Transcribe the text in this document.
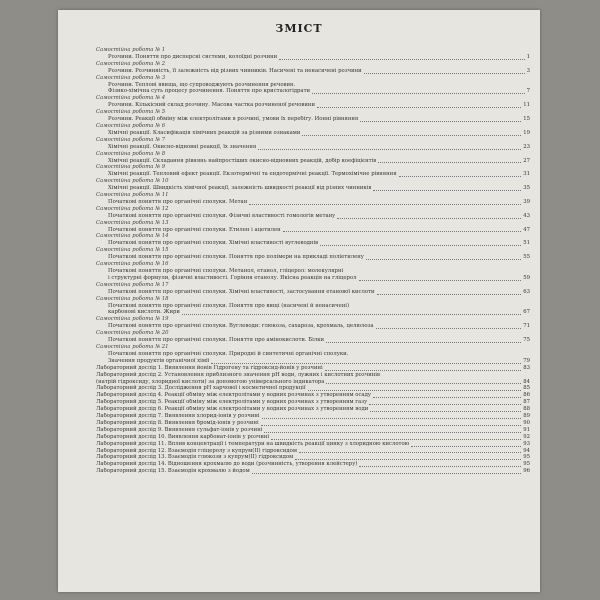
ЗМІСТ
Самостійна робота № 1
Розчини. Поняття про дисперсні системи, колоїдні розчини	1
Самостійна робота № 2
Розчини. Розчинність, її залежність від різних чинників. Насичені та ненасичені розчини	3
Самостійна робота № 3
Розчини. Теплові явища, що супроводжують розчинення речовин.
Фізико-хімічна суть процесу розчинення. Поняття про кристалогідрати	7
Самостійна робота № 4
Розчини. Кількісний склад розчину. Масова частка розчиненої речовини	11
Самостійна робота № 5
Розчини. Реакції обміну між електролітами в розчині, умови їх перебігу. Йонні рівняння	15
Самостійна робота № 6
Хімічні реакції. Класифікація хімічних реакцій за різними ознаками	19
Самостійна робота № 7
Хімічні реакції. Окисно-відновні реакції, їх значення	23
Самостійна робота № 8
Хімічні реакції. Складання рівнянь найпростіших окисно-відновних реакцій, добір коефіцієнтів	27
Самостійна робота № 9
Хімічні реакції. Тепловий ефект реакції. Екзотермічні та ендотермічні реакції. Термохімічне рівняння	31
Самостійна робота № 10
Хімічні реакції. Швидкість хімічної реакції, залежність швидкості реакції від різних чинників	35
Самостійна робота № 11
Початкові поняття про органічні сполуки. Метан	39
Самостійна робота № 12
Початкові поняття про органічні сполуки. Фізичні властивості гомологів метану	43
Самостійна робота № 13
Початкові поняття про органічні сполуки. Етилен і ацетилен	47
Самостійна робота № 14
Початкові поняття про органічні сполуки. Хімічні властивості вуглеводнів	51
Самостійна робота № 15
Початкові поняття про органічні сполуки. Поняття про полімери на прикладі поліетилену	55
Самостійна робота № 16
Початкові поняття про органічні сполуки. Метанол, етанол, гліцерол: молекулярні
і структурні формули, фізичні властивості. Горіння етанолу. Якісна реакція на гліцерол	59
Самостійна робота № 17
Початкові поняття про органічні сполуки. Хімічні властивості, застосування етанової кислоти	63
Самостійна робота № 18
Початкові поняття про органічні сполуки. Поняття про вищі (насичені й ненасичені)
карбонові кислоти. Жири	67
Самостійна робота № 19
Початкові поняття про органічні сполуки. Вуглеводи: глюкоза, сахароза, крохмаль, целюлоза	71
Самостійна робота № 20
Початкові поняття про органічні сполуки. Поняття про амінокислоти. Білки	75
Самостійна робота № 21
Початкові поняття про органічні сполуки. Природні й синтетичні органічні сполуки.
Значення продуктів органічної хімії	79
Лабораторний дослід 1. Виявлення йонів Гідрогену та гідроксид-йонів у розчині	83
Лабораторний дослід 2. Установлення приблизного значення pH води, лужних і кислотних розчинів
(натрій гідроксиду, хлоридної кислоти) за допомогою універсального індикатора	84
Лабораторний дослід 3. Дослідження pH харчової і косметичної продукції	85
Лабораторний дослід 4. Реакції обміну між електролітами у водних розчинах з утворенням осаду	86
Лабораторний дослід 5. Реакції обміну між електролітами у водних розчинах з утворенням газу	87
Лабораторний дослід 6. Реакції обміну між електролітами у водних розчинах з утворенням води	88
Лабораторний дослід 7. Виявлення хлорид-іонів у розчині	89
Лабораторний дослід 8. Виявлення бромід-іонів у розчині	90
Лабораторний дослід 9. Виявлення сульфат-іонів у розчині	91
Лабораторний дослід 10. Виявлення карбонат-іонів у розчині	92
Лабораторний дослід 11. Вплив концентрації і температури на швидкість реакції цинку з хлоридною кислотою	93
Лабораторний дослід 12. Взаємодія гліцеролу з купрум(II) гідроксидом	94
Лабораторний дослід 13. Взаємодія глюкози з купрум(II) гідроксидом	95
Лабораторний дослід 14. Відношення крохмалю до води (розчинність, утворення клейстеру)	95
Лабораторний дослід 15. Взаємодія крохмалю з йодом	96
